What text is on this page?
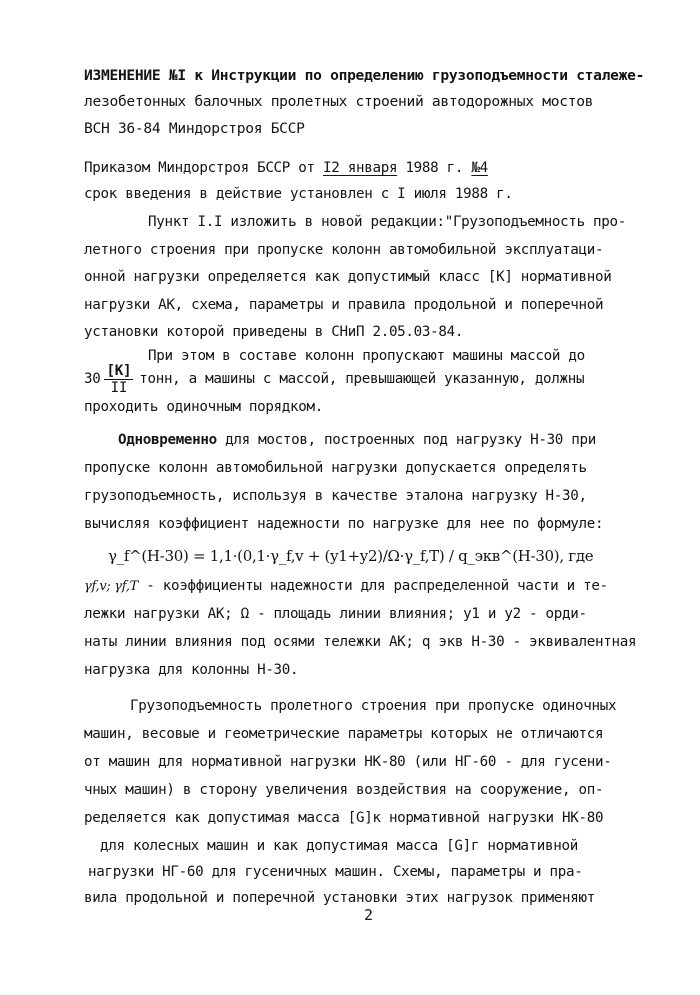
ИЗМЕНЕНИЕ №I к Инструкции по определению грузоподъемности сталеже-
лезобетонных балочных пролетных строений автодорожных мостов
ВСН 36-84 Миндорстроя БССР
Приказом Миндорстроя БССР от I2 января 1988 г. №4
срок введения в действие установлен с I июля 1988 г.
Пункт I.I изложить в новой редакции:"Грузоподъемность про-
летного строения при пропуске колонн автомобильной эксплуатаци-
онной нагрузки определяется как допустимый класс [К] нормативной
нагрузки АК, схема, параметры и правила продольной и поперечной
установки которой приведены в СНиП 2.05.03-84.
При этом в составе колонн пропускают машины массой до
$30 \frac{[К]}{II}$ тонн, а машины с массой, превышающей указанную, должны
проходить одиночным порядком.
Одновременно для мостов, построенных под нагрузку Н-30 при
пропуске колонн автомобильной нагрузки допускается определять
грузоподъемность, используя в качестве эталона нагрузку Н-30,
вычисляя коэффициент надежности по нагрузке для нее по формуле:
γ_f^(H-30) = 1,1·(0,1·γ_f,v + (y1+y2)/Ω·γ_f,T) / q_экв^(H-30), где
γf,v; γf,T - коэффициенты надежности для распределенной части и те-
лежки нагрузки АК; Ω - площадь линии влияния; y1 и y2 - орди-
наты линии влияния под осями тележки АК; q экв H-30 - эквивалентная
нагрузка для колонны Н-30.
Грузоподъемность пролетного строения при пропуске одиночных
машин, весовые и геометрические параметры которых не отличаются
от машин для нормативной нагрузки НК-80 (или НГ-60 - для гусени-
чных машин) в сторону увеличения воздействия на сооружение, оп-
ределяется как допустимая масса [G]к нормативной нагрузки НК-80
для колесных машин и как допустимая масса [G]г нормативной
нагрузки НГ-60 для гусеничных машин. Схемы, параметры и пра-
вила продольной и поперечной установки этих нагрузок применяют
2
